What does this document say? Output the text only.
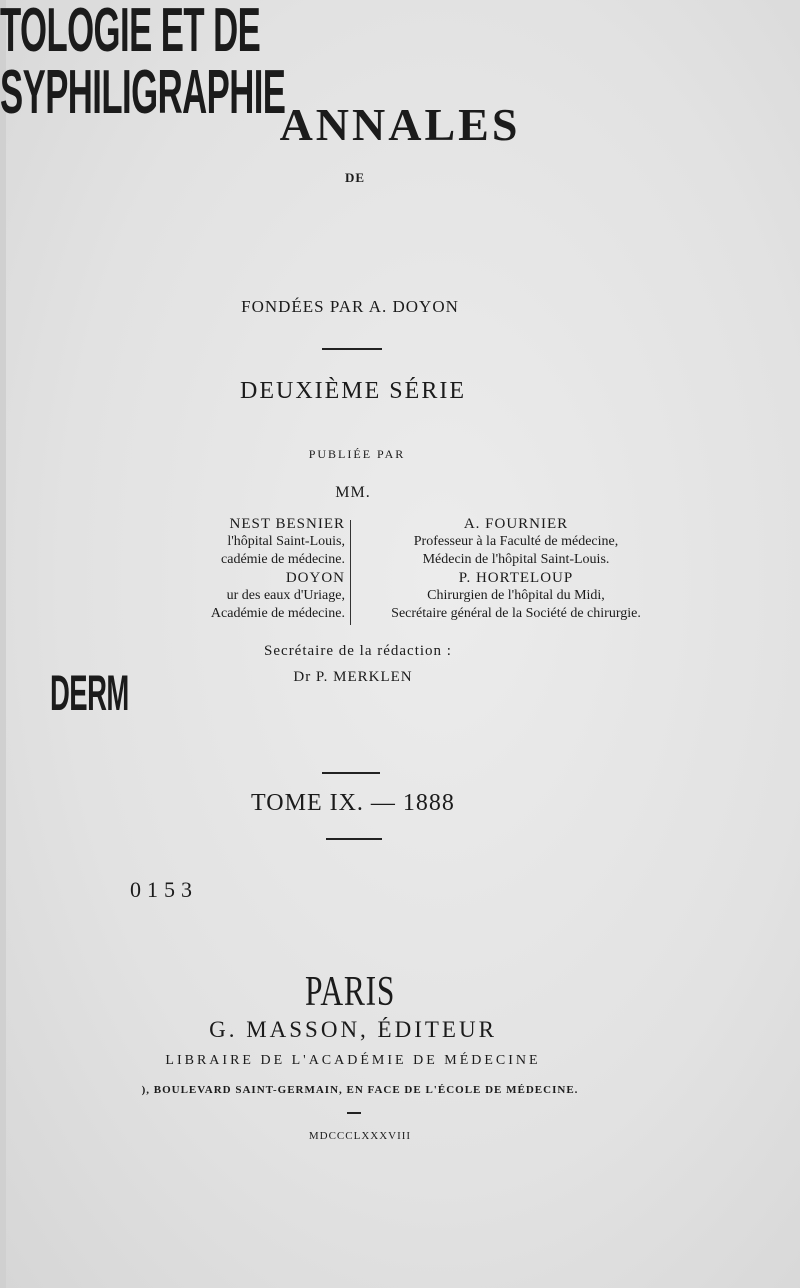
ANNALES
DE
TOLOGIE ET DE SYPHILIGRAPHIE
FONDÉES PAR A. DOYON
DEUXIÈME SÉRIE
PUBLIÉE PAR
MM.
NEST BESNIER
l'hôpital Saint-Louis,
cadémie de médecine.
DOYON
ur des eaux d'Uriage,
Académie de médecine.
A. FOURNIER
Professeur à la Faculté de médecine,
Médecin de l'hôpital Saint-Louis.
P. HORTELOUP
Chirurgien de l'hôpital du Midi,
Secrétaire général de la Société de chirurgie.
Secrétaire de la rédaction :
Dr P. MERKLEN
DERM
TOME IX. — 1888
0153
PARIS
G. MASSON, ÉDITEUR
LIBRAIRE DE L'ACADÉMIE DE MÉDECINE
), BOULEVARD SAINT-GERMAIN, EN FACE DE L'ÉCOLE DE MÉDECINE.
MDCCCLXXXVIII
